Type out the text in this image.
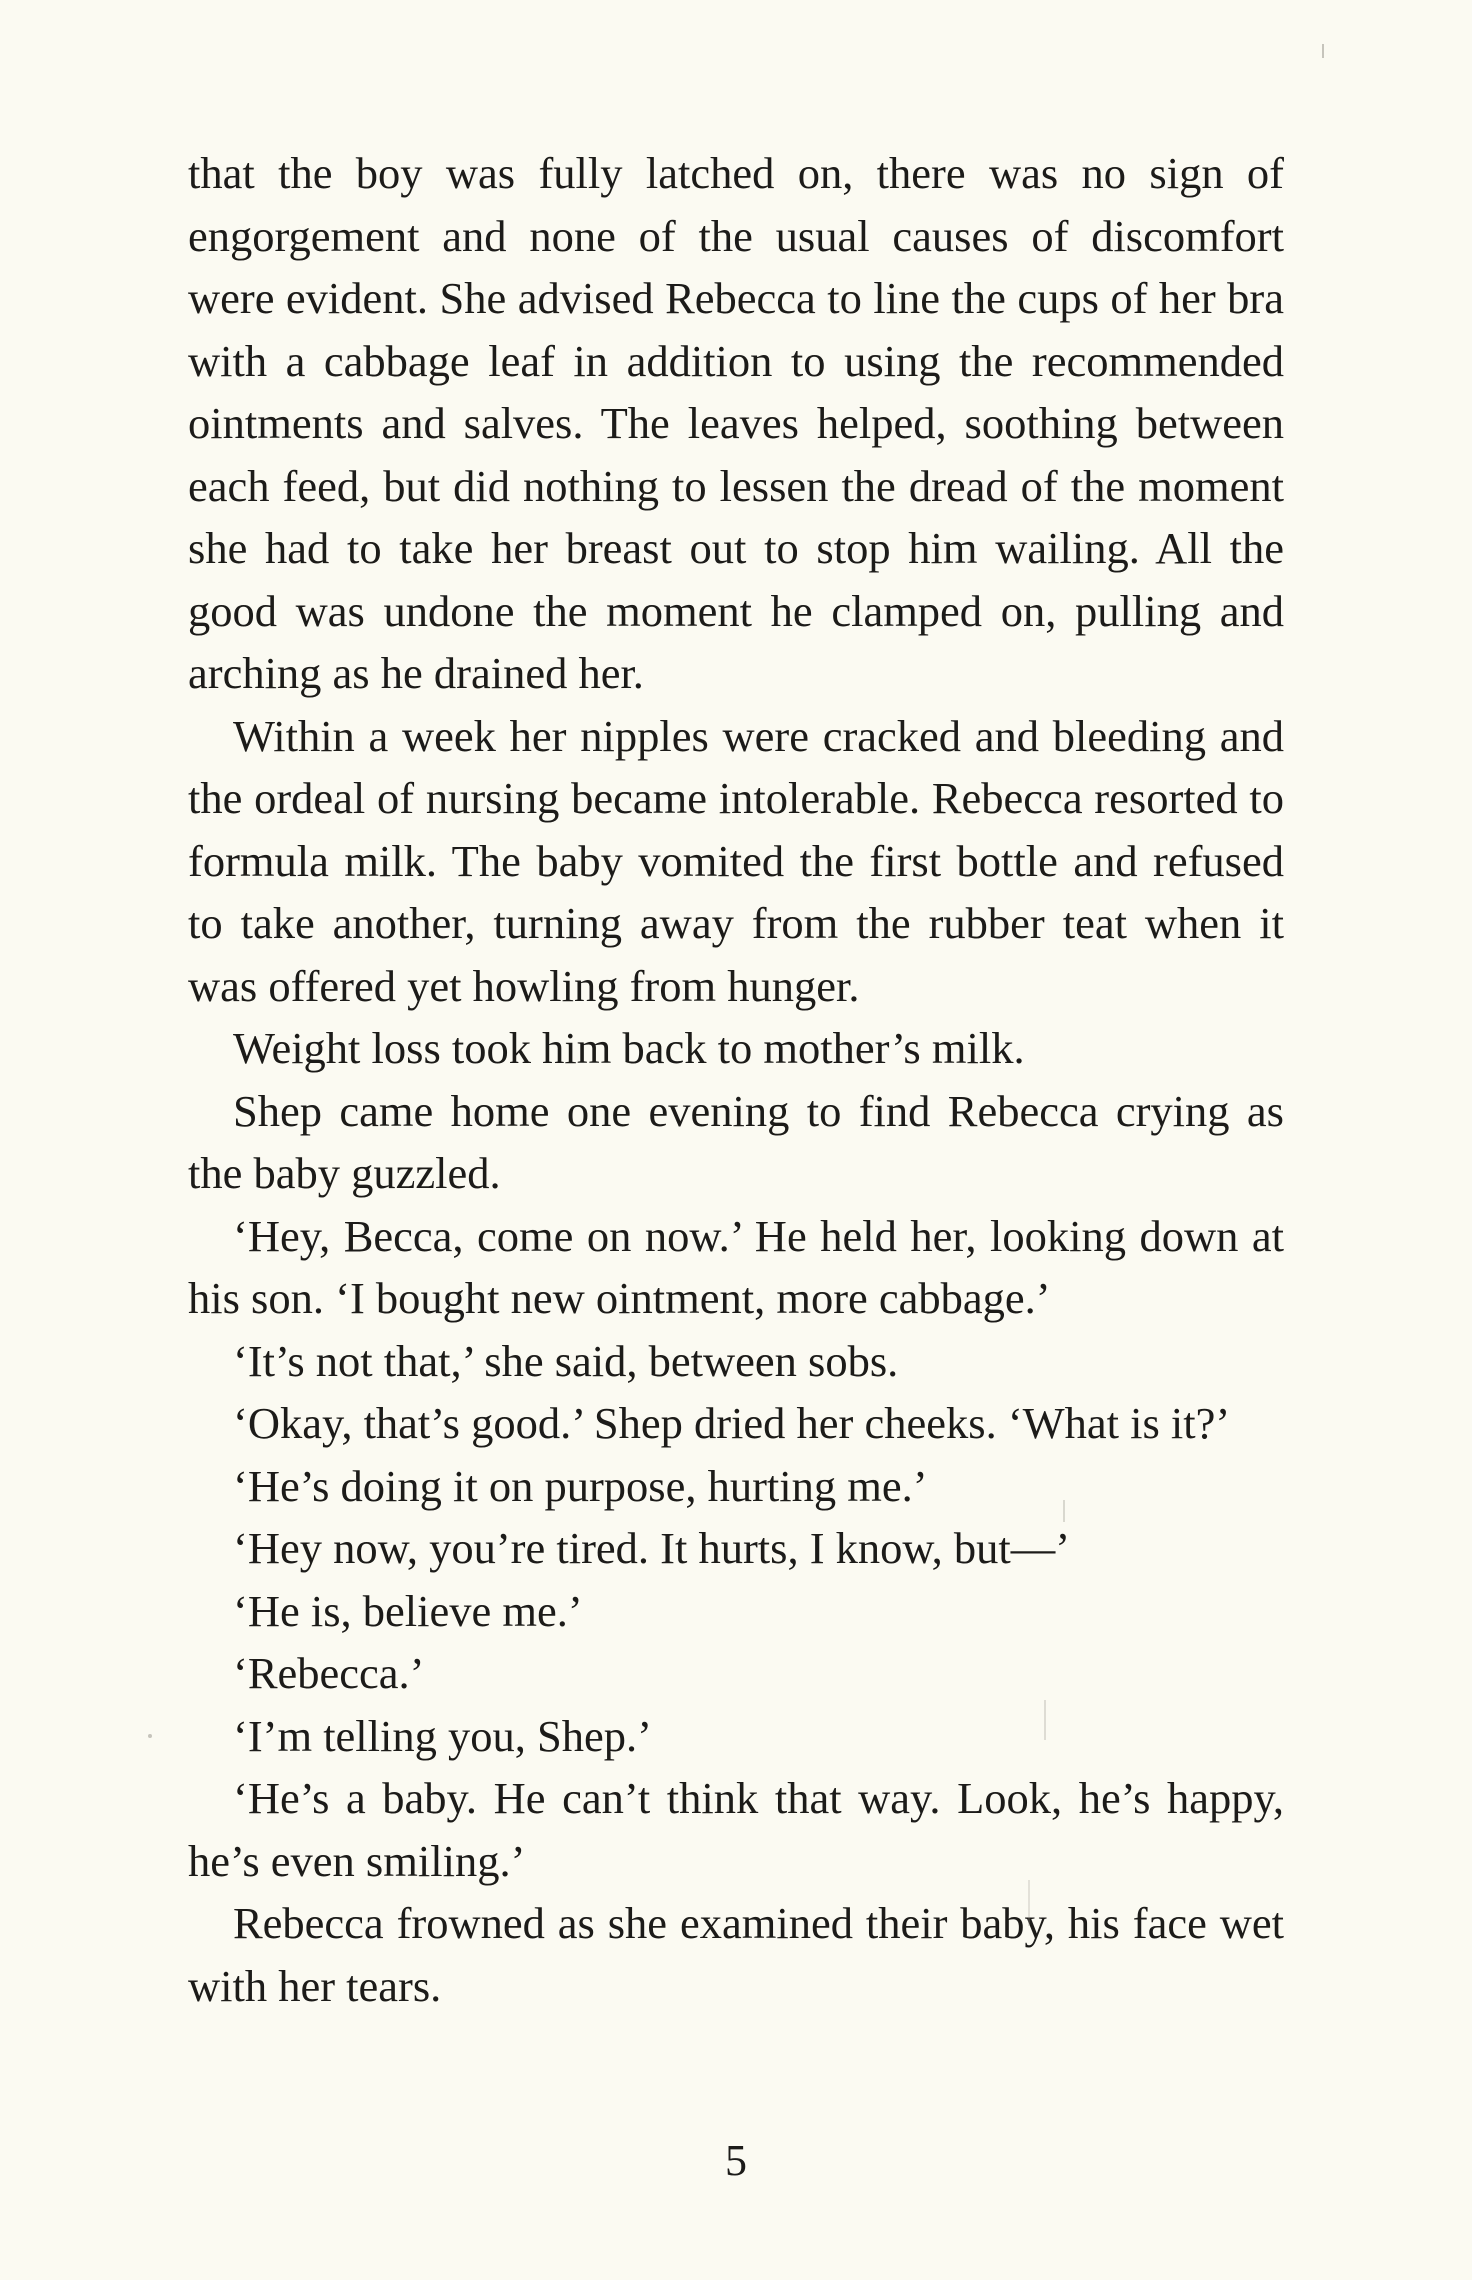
that the boy was fully latched on, there was no sign of engorgement and none of the usual causes of discomfort were evident. She advised Rebecca to line the cups of her bra with a cabbage leaf in addition to using the recommended ointments and salves. The leaves helped, soothing between each feed, but did nothing to lessen the dread of the moment she had to take her breast out to stop him wailing. All the good was undone the moment he clamped on, pulling and arching as he drained her.

Within a week her nipples were cracked and bleeding and the ordeal of nursing became intolerable. Rebecca resorted to formula milk. The baby vomited the first bottle and refused to take another, turning away from the rubber teat when it was offered yet howling from hunger.

Weight loss took him back to mother’s milk.

Shep came home one evening to find Rebecca crying as the baby guzzled.

‘Hey, Becca, come on now.’ He held her, looking down at his son. ‘I bought new ointment, more cabbage.’

‘It’s not that,’ she said, between sobs.

‘Okay, that’s good.’ Shep dried her cheeks. ‘What is it?’

‘He’s doing it on purpose, hurting me.’

‘Hey now, you’re tired. It hurts, I know, but—’

‘He is, believe me.’

‘Rebecca.’

‘I’m telling you, Shep.’

‘He’s a baby. He can’t think that way. Look, he’s happy, he’s even smiling.’

Rebecca frowned as she examined their baby, his face wet with her tears.

5
